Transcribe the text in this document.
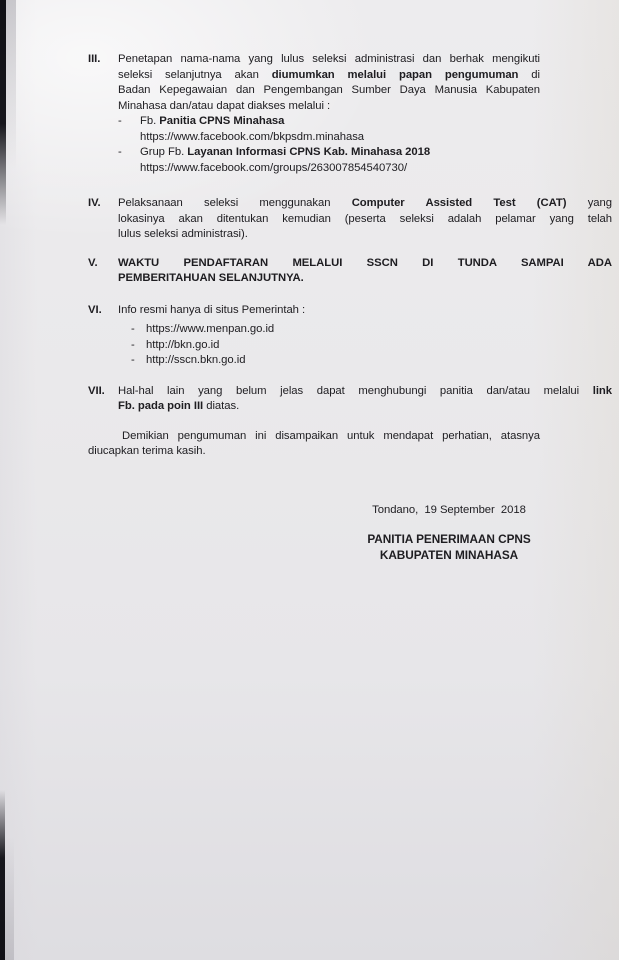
III.	Penetapan nama-nama yang lulus seleksi administrasi dan berhak mengikuti
seleksi selanjutnya akan diumumkan melalui papan pengumuman di
Badan Kepegawaian dan Pengembangan Sumber Daya Manusia Kabupaten
Minahasa dan/atau dapat diakses melalui :
-	Fb. Panitia CPNS Minahasa
https://www.facebook.com/bkpsdm.minahasa
-	Grup Fb. Layanan Informasi CPNS Kab. Minahasa 2018
https://www.facebook.com/groups/263007854540730/
IV.	Pelaksanaan seleksi menggunakan Computer Assisted Test (CAT) yang
lokasinya akan ditentukan kemudian (peserta seleksi adalah pelamar yang telah
lulus seleksi administrasi).
V.	WAKTU PENDAFTARAN MELALUI SSCN DI TUNDA SAMPAI ADA
PEMBERITAHUAN SELANJUTNYA.
VI.	Info resmi hanya di situs Pemerintah :
- https://www.menpan.go.id
- http://bkn.go.id
- http://sscn.bkn.go.id
VII.	Hal-hal lain yang belum jelas dapat menghubungi panitia dan/atau melalui link
Fb. pada poin III diatas.
Demikian pengumuman ini disampaikan untuk mendapat perhatian, atasnya
diucapkan terima kasih.
Tondano,  19 September  2018
PANITIA PENERIMAAN CPNS
KABUPATEN MINAHASA
